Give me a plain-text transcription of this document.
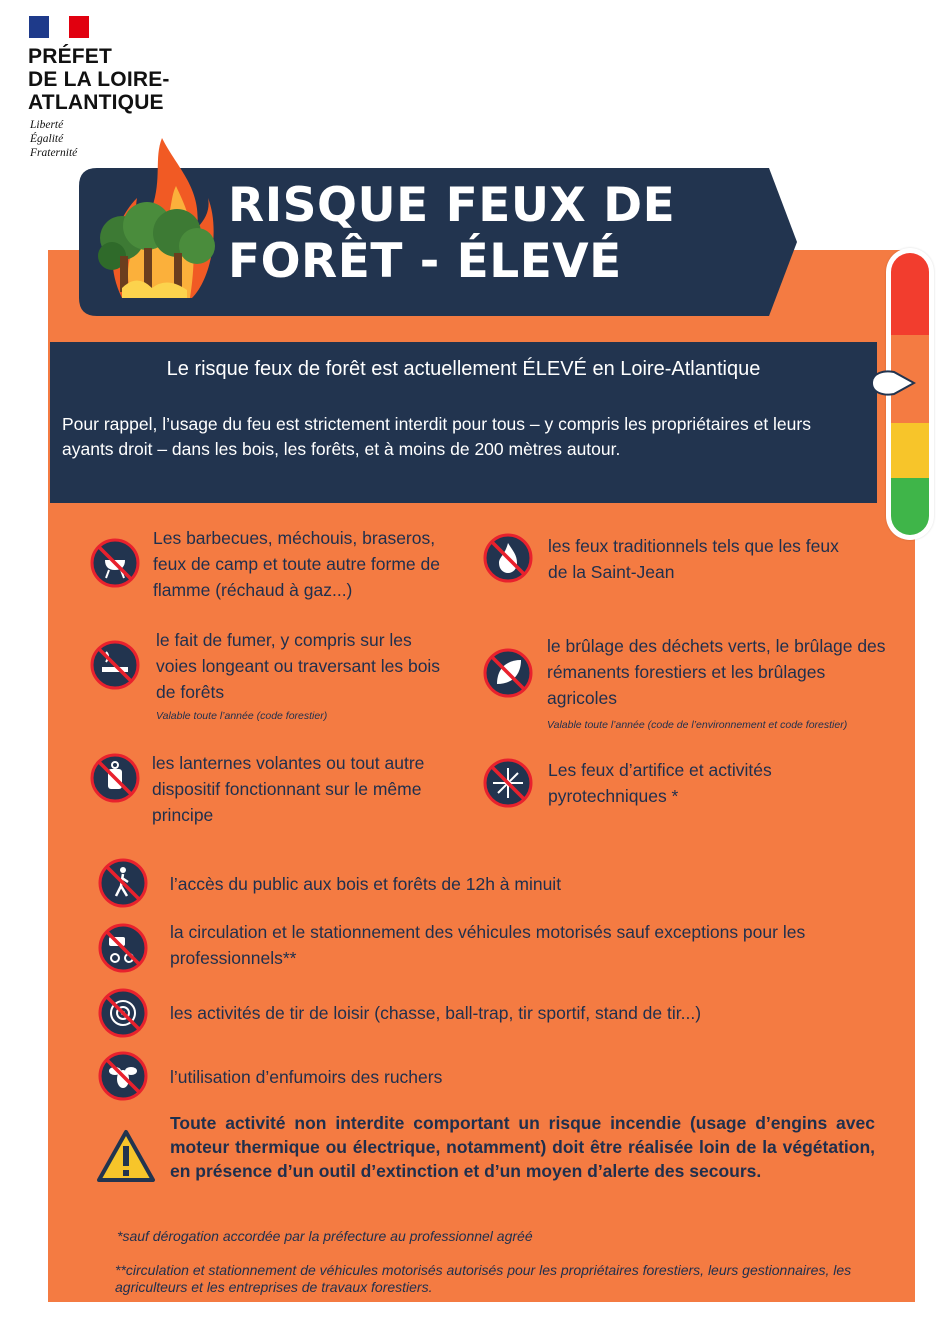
PRÉFET
DE LA LOIRE-
ATLANTIQUE
Liberté
Égalité
Fraternité
RISQUE FEUX DE
FORÊT - ÉLEVÉ
Le risque feux de forêt est actuellement ÉLEVÉ en Loire-Atlantique
Pour rappel, l’usage du feu est strictement interdit pour tous – y compris les propriétaires et leurs ayants droit – dans les bois, les forêts, et à moins de 200 mètres autour.
Les barbecues, méchouis, braseros, feux de camp et toute autre forme de flamme (réchaud à gaz...)
le fait de fumer, y compris sur les voies longeant ou traversant les bois de forêts
Valable toute l’année (code forestier)
les lanternes volantes ou tout autre dispositif fonctionnant sur le même principe
les feux traditionnels tels que les feux de la Saint-Jean
le brûlage des déchets verts, le brûlage des rémanents forestiers et les brûlages agricoles
Valable toute l’année (code de l’environnement et code forestier)
Les feux d’artifice et activités pyrotechniques *
l’accès du public aux bois et forêts de 12h à minuit
la circulation et le stationnement des véhicules motorisés sauf exceptions pour les professionnels**
les activités de tir de loisir (chasse, ball-trap, tir sportif, stand de tir...)
l’utilisation d’enfumoirs des ruchers
Toute activité non interdite comportant un risque incendie (usage d’engins avec moteur thermique ou électrique, notamment) doit être réalisée loin de la végétation, en présence d’un outil d’extinction et d’un moyen d’alerte des secours.
*sauf dérogation accordée par la préfecture au professionnel agréé
**circulation et stationnement de véhicules motorisés autorisés pour les propriétaires forestiers, leurs gestionnaires, les agriculteurs et les entreprises de travaux forestiers.
